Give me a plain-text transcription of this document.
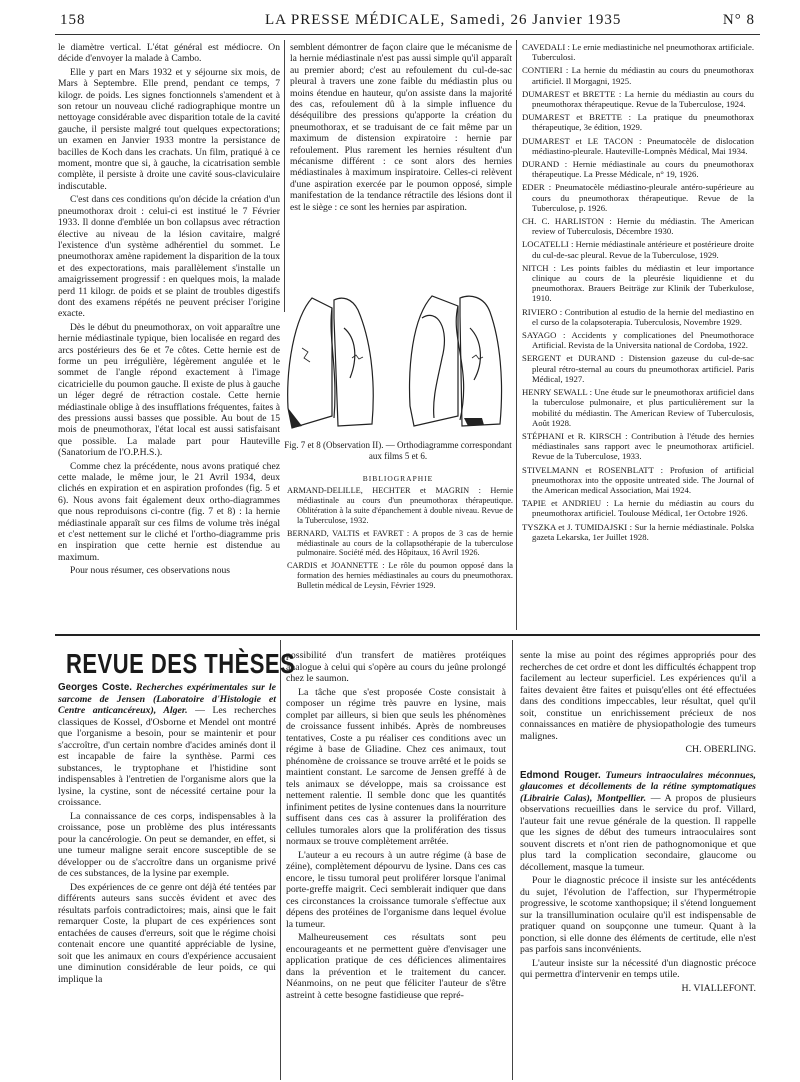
158	LA PRESSE MÉDICALE, Samedi, 26 Janvier 1935	N° 8

le diamètre vertical. L'état général est médiocre. On décide d'envoyer la malade à Cambo.

Elle y part en Mars 1932 et y séjourne six mois, de Mars à Septembre. Elle prend, pendant ce temps, 7 kilogr. de poids. Les signes fonctionnels s'amendent et à son retour un nouveau cliché radiographique montre un nettoyage considérable avec disparition totale de la cavité gauche, il persiste malgré tout quelques expectorations; un examen en Janvier 1933 montre la persistance de bacilles de Koch dans les crachats. Un film, pratiqué à ce moment, montre que si, à gauche, la cicatrisation semble complète, il persiste à droite une cavité sous-claviculaire indiscutable.

C'est dans ces conditions qu'on décide la création d'un pneumothorax droit : celui-ci est institué le 7 Février 1933. Il donne d'emblée un bon collapsus avec rétraction élective au niveau de la lésion cavitaire, malgré l'existence d'un système adhérentiel du sommet. Le pneumothorax amène rapidement la disparition de la toux et des expectorations, mais parallèlement s'installe un amaigrissement progressif : en quelques mois, la malade perd 11 kilogr. de poids et se plaint de troubles digestifs dont des examens répétés ne peuvent préciser l'origine exacte.

Dès le début du pneumothorax, on voit apparaître une hernie médiastinale typique, bien localisée en regard des arcs postérieurs des 6e et 7e côtes. Cette hernie est de forme un peu irrégulière, légèrement angulée et le sommet de l'angle répond exactement à l'image cicatricielle du poumon gauche. Il existe de plus à gauche un léger degré de rétraction costale. Cette hernie médiastinale oblige à des insufflations fréquentes, faites à des pressions aussi basses que possible. Au bout de 15 mois de pneumothorax, l'état local est aussi satisfaisant que possible. La malade part pour Hauteville (Sanatorium de l'O.P.H.S.).

Comme chez la précédente, nous avons pratiqué chez cette malade, le même jour, le 21 Avril 1934, deux clichés en expiration et en aspiration profondes (fig. 5 et 6). Nous avons fait également deux ortho-diagrammes que nous reproduisons ci-contre (fig. 7 et 8) : la hernie médiastinale apparaît sur ces films de volume très inégal et c'est nettement sur le cliché et l'ortho-diagramme pris en inspiration que cette hernie est distendue au maximum.

Pour nous résumer, ces observations nous

semblent démontrer de façon claire que le mécanisme de la hernie médiastinale n'est pas aussi simple qu'il apparaît au premier abord; c'est au refoulement du cul-de-sac pleural à travers une zone faible du médiastin plus ou moins étendue en hauteur, qu'on assiste dans la majorité des cas, refoulement dû à la simple influence du déséquilibre des pressions qu'apporte la création du pneumothorax, et se traduisant de ce fait même par un maximum de distension expiratoire : hernie par refoulement. Plus rarement les hernies résultent d'un mécanisme différent : ce sont alors des hernies médiastinales à maximum inspiratoire. Celles-ci relèvent d'une aspiration exercée par le poumon opposé, simple manifestation de la tendance rétractile des lésions dont il est le siège : ce sont les hernies par aspiration.

Fig. 7 et 8 (Observation II). — Orthodiagramme correspondant aux films 5 et 6.
BIBLIOGRAPHIE

ARMAND-DELILLE, HECHTER et MAGRIN : Hernie médiastinale au cours d'un pneumothorax thérapeutique. Oblitération à la suite d'épanchement à double niveau. Revue de la Tuberculose, 1932.

BERNARD, VALTIS et FAVRET : A propos de 3 cas de hernie médiastinale au cours de la collapsothérapie de la tuberculose pulmonaire. Société méd. des Hôpitaux, 16 Avril 1926.

CARDIS et JOANNETTE : Le rôle du poumon opposé dans la formation des hernies médiastinales au cours du pneumothorax. Bulletin médical de Leysin, Février 1929.

CAVEDALI : Le ernie mediastiniche nel pneumothorax artificiale. Tuberculosi.

CONTIERI : La hernie du médiastin au cours du pneumothorax artificiel. Il Morgagni, 1925.

DUMAREST et BRETTE : La hernie du médiastin au cours du pneumothorax thérapeutique. Revue de la Tuberculose, 1924.

DUMAREST et BRETTE : La pratique du pneumothorax thérapeutique, 3e édition, 1929.

DUMAREST et LE TACON : Pneumatocèle de dislocation médiastino-pleurale. Hauteville-Lompnès Médical, Mai 1934.

DURAND : Hernie médiastinale au cours du pneumothorax thérapeutique. La Presse Médicale, n° 19, 1926.

EDER : Pneumatocèle médiastino-pleurale antéro-supérieure au cours du pneumothorax thérapeutique. Revue de la Tuberculose, p. 1926.

CH. C. HARLISTON : Hernie du médiastin. The American review of Tuberculosis, Décembre 1930.

LOCATELLI : Hernie médiastinale antérieure et postérieure droite du cul-de-sac pleural. Revue de la Tuberculose, 1929.

NITCH : Les points faibles du médiastin et leur importance clinique au cours de la pleurésie liquidienne et du pneumothorax. Brauers Beiträge zur Klinik der Tuberkulose, 1910.

RIVIERO : Contribution al estudio de la hernie del mediastino en el curso de la colapsoterapia. Tuberculosis, Novembre 1929.

SAYAGO : Accidents y complicationes del Pneumothorace Artificial. Revista de la Universita national de Cordoba, 1922.

SERGENT et DURAND : Distension gazeuse du cul-de-sac pleural rétro-sternal au cours du pneumothorax artificiel. Paris Médical, 1927.

HENRY SEWALL : Une étude sur le pneumothorax artificiel dans la tuberculose pulmonaire, et plus particulièrement sur la mobilité du médiastin. The American Review of Tuberculosis, Août 1928.

STÉPHANI et R. KIRSCH : Contribution à l'étude des hernies médiastinales sans rapport avec le pneumothorax artificiel. Revue de la Tuberculose, 1933.

STIVELMANN et ROSENBLATT : Profusion of artificial pneumothorax into the opposite untreated side. The Journal of the American medical Association, Mai 1924.

TAPIE et ANDRIEU : La hernie du médiastin au cours du pneumothorax artificiel. Toulouse Médical, 1er Octobre 1926.

TYSZKA et J. TUMIDAJSKI : Sur la hernie médiastinale. Polska gazeta Lekarska, 1er Juillet 1928.

REVUE DES THÈSES

Georges Coste. Recherches expérimentales sur le sarcome de Jensen (Laboratoire d'Histologie et Centre anticancéreux), Alger. — Les recherches classiques de Kossel, d'Osborne et Mendel ont montré que l'organisme a besoin, pour se maintenir et pour s'accroître, d'un certain nombre d'acides aminés dont il est incapable de faire la synthèse. Parmi ces substances, le tryptophane et l'histidine sont indispensables à l'entretien de l'organisme alors que la lysine, la cystine, sont de nécessité certaine pour la croissance.

La connaissance de ces corps, indispensables à la croissance, pose un problème des plus intéressants pour la cancérologie. On peut se demander, en effet, si une tumeur maligne serait encore susceptible de se développer ou de s'accroître dans un organisme privé de ces substances, de la lysine par exemple.

Des expériences de ce genre ont déjà été tentées par différents auteurs sans succès évident et avec des résultats parfois contradictoires; mais, ainsi que le fait remarquer Coste, la plupart de ces expériences sont entachées de causes d'erreurs, soit que le régime choisi contenait encore une quantité appréciable de lysine, soit que les animaux en cours d'expérience accusaient une diminution considérable de leur poids, ce qui implique la

possibilité d'un transfert de matières protéiques analogue à celui qui s'opère au cours du jeûne prolongé chez le saumon.

La tâche que s'est proposée Coste consistait à composer un régime très pauvre en lysine, mais complet par ailleurs, si bien que seuls les phénomènes de croissance fussent inhibés. Après de nombreuses tentatives, Coste a pu réaliser ces conditions avec un régime à base de Gliadine. Chez ces animaux, tout phénomène de croissance se trouve arrêté et le poids se maintient constant. Le sarcome de Jensen greffé à de tels animaux se développe, mais sa croissance est nettement ralentie. Il semble donc que les quantités infiniment petites de lysine contenues dans la nourriture suffisent dans ces cas à assurer la prolifération des cellules tumorales alors que la prolifération des tissus normaux se trouve complètement arrêtée.

L'auteur a eu recours à un autre régime (à base de zéine), complètement dépourvu de lysine. Dans ces cas encore, le tissu tumoral peut proliférer lorsque l'animal porte-greffe maigrit. Ceci semblerait indiquer que dans ces circonstances la croissance tumorale s'effectue aux dépens des protéines de l'organisme dans lequel évolue la tumeur.

Malheureusement ces résultats sont peu encourageants et ne permettent guère d'envisager une application pratique de ces déficiences alimentaires dans la prévention et le traitement du cancer. Néanmoins, on ne peut que féliciter l'auteur de s'être astreint à cette besogne fastidieuse que repré-

sente la mise au point des régimes appropriés pour des recherches de cet ordre et dont les difficultés échappent trop facilement au lecteur superficiel. Les expériences qu'il a faites devaient être faites et puisqu'elles ont été effectuées dans des conditions impeccables, leur résultat, quel qu'il soit, constitue un enrichissement précieux de nos connaissances en matière de physiopathologie des tumeurs malignes.

CH. OBERLING.

Edmond Rouger. Tumeurs intraoculaires méconnues, glaucomes et décollements de la rétine symptomatiques (Librairie Calas), Montpellier. — A propos de plusieurs observations recueillies dans le service du prof. Villard, l'auteur fait une revue générale de la question. Il rappelle que les signes de début des tumeurs intraoculaires sont souvent discrets et n'ont rien de pathognomonique et que plus tard la complication secondaire, glaucome ou décollement, masque la tumeur.

Pour le diagnostic précoce il insiste sur les antécédents du sujet, l'évolution de l'affection, sur l'hypermétropie progressive, le scotome xanthopsique; il s'étend longuement sur la transillumination oculaire qu'il est indispensable de pratiquer quand on soupçonne une tumeur. Quant à la ponction, si elle donne des éléments de certitude, elle n'est pas parfois sans inconvénients.

L'auteur insiste sur la nécessité d'un diagnostic précoce qui permettra d'intervenir en temps utile.

H. VIALLEFONT.
